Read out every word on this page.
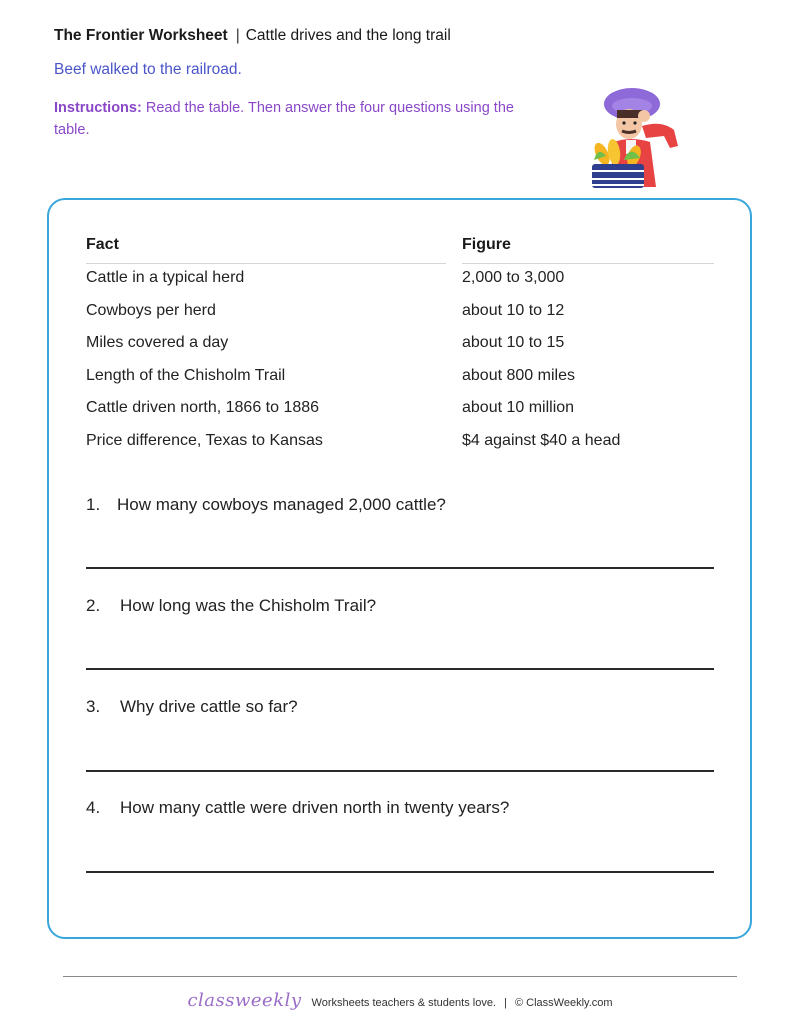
The Frontier Worksheet | Cattle drives and the long trail
Beef walked to the railroad.
Instructions: Read the table. Then answer the four questions using the table.
Fact	Figure
Cattle in a typical herd	2,000 to 3,000
Cowboys per herd	about 10 to 12
Miles covered a day	about 10 to 15
Length of the Chisholm Trail	about 800 miles
Cattle driven north, 1866 to 1886	about 10 million
Price difference, Texas to Kansas	$4 against $40 a head
1. How many cowboys managed 2,000 cattle?
2. How long was the Chisholm Trail?
3. Why drive cattle so far?
4. How many cattle were driven north in twenty years?
classweekly Worksheets teachers & students love. | © ClassWeekly.com
